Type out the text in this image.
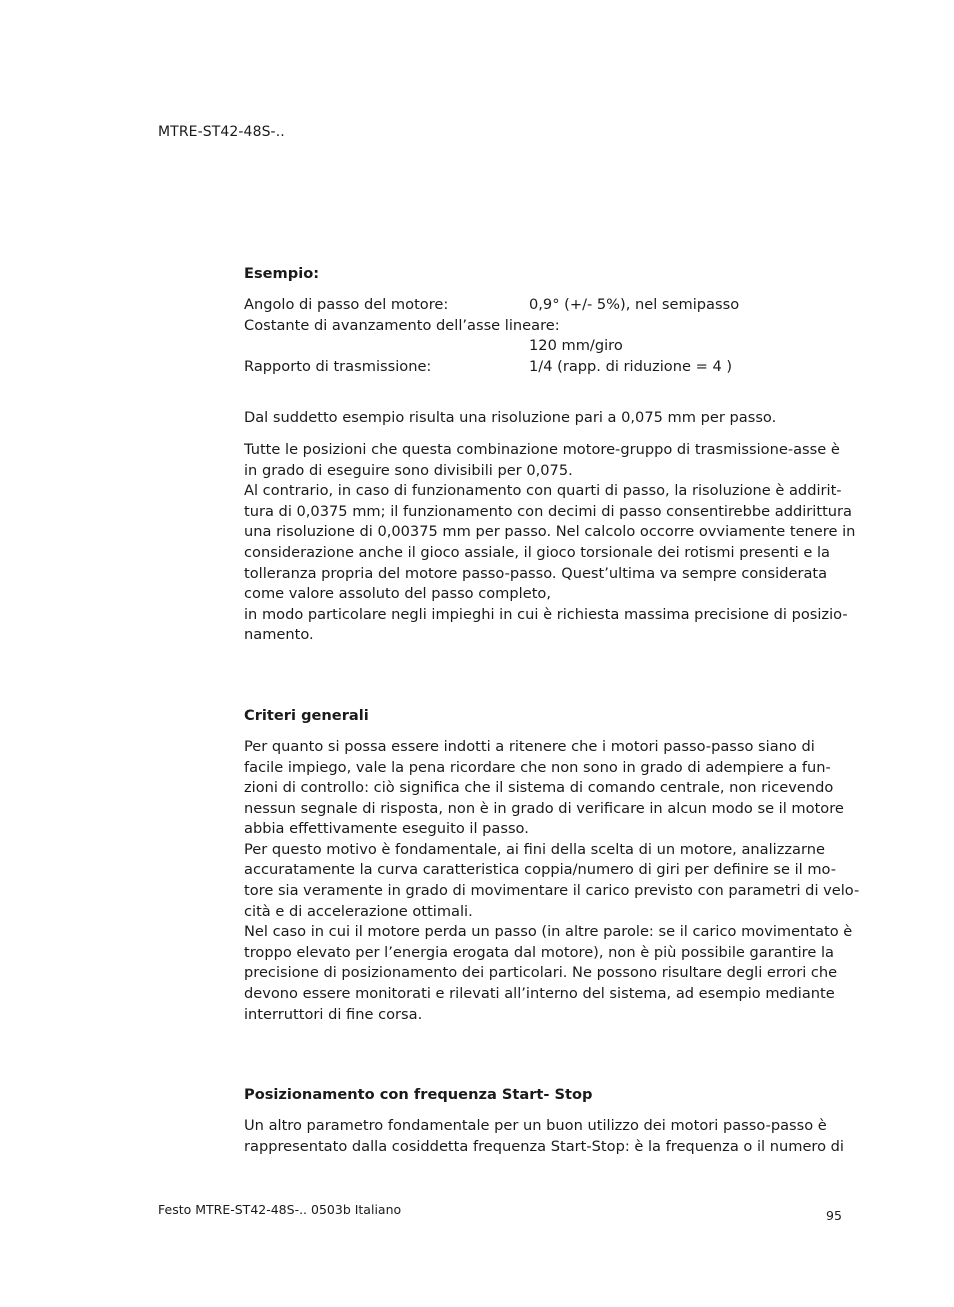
MTRE-ST42-48S-..
Esempio:
Angolo di passo del motore:	0,9° (+/- 5%), nel semipasso
Costante di avanzamento dell’asse lineare:
120 mm/giro
Rapporto di trasmissione:	1/4 (rapp. di riduzione = 4 )
Dal suddetto esempio risulta una risoluzione pari a 0,075 mm per passo.
Tutte le posizioni che questa combinazione motore-gruppo di trasmissione-asse è
in grado di eseguire sono divisibili per 0,075.
Al contrario, in caso di funzionamento con quarti di passo, la risoluzione è addirit-
tura di 0,0375 mm; il funzionamento con decimi di passo consentirebbe addirittura
una risoluzione di 0,00375 mm per passo. Nel calcolo occorre ovviamente tenere in
considerazione anche il gioco assiale, il gioco torsionale dei rotismi presenti e la
tolleranza propria del motore passo-passo. Quest’ultima va sempre considerata
come valore assoluto del passo completo,
in modo particolare negli impieghi in cui è richiesta massima precisione di posizio-
namento.
Criteri generali
Per quanto si possa essere indotti a ritenere che i motori passo-passo siano di
facile impiego, vale la pena ricordare che non sono in grado di adempiere a fun-
zioni di controllo: ciò significa che il sistema di comando centrale, non ricevendo
nessun segnale di risposta, non è in grado di verificare in alcun modo se il motore
abbia effettivamente eseguito il passo.
Per questo motivo è fondamentale, ai fini della scelta di un motore, analizzarne
accuratamente la curva caratteristica coppia/numero di giri per definire se il mo-
tore sia veramente in grado di movimentare il carico previsto con parametri di velo-
cità e di accelerazione ottimali.
Nel caso in cui il motore perda un passo (in altre parole: se il carico movimentato è
troppo elevato per l’energia erogata dal motore), non è più possibile garantire la
precisione di posizionamento dei particolari. Ne possono risultare degli errori che
devono essere monitorati e rilevati all’interno del sistema, ad esempio mediante
interruttori di fine corsa.
Posizionamento con frequenza Start- Stop
Un altro parametro fondamentale per un buon utilizzo dei motori passo-passo è
rappresentato dalla cosiddetta frequenza Start-Stop: è la frequenza o il numero di
Festo MTRE-ST42-48S-.. 0503b Italiano	95
